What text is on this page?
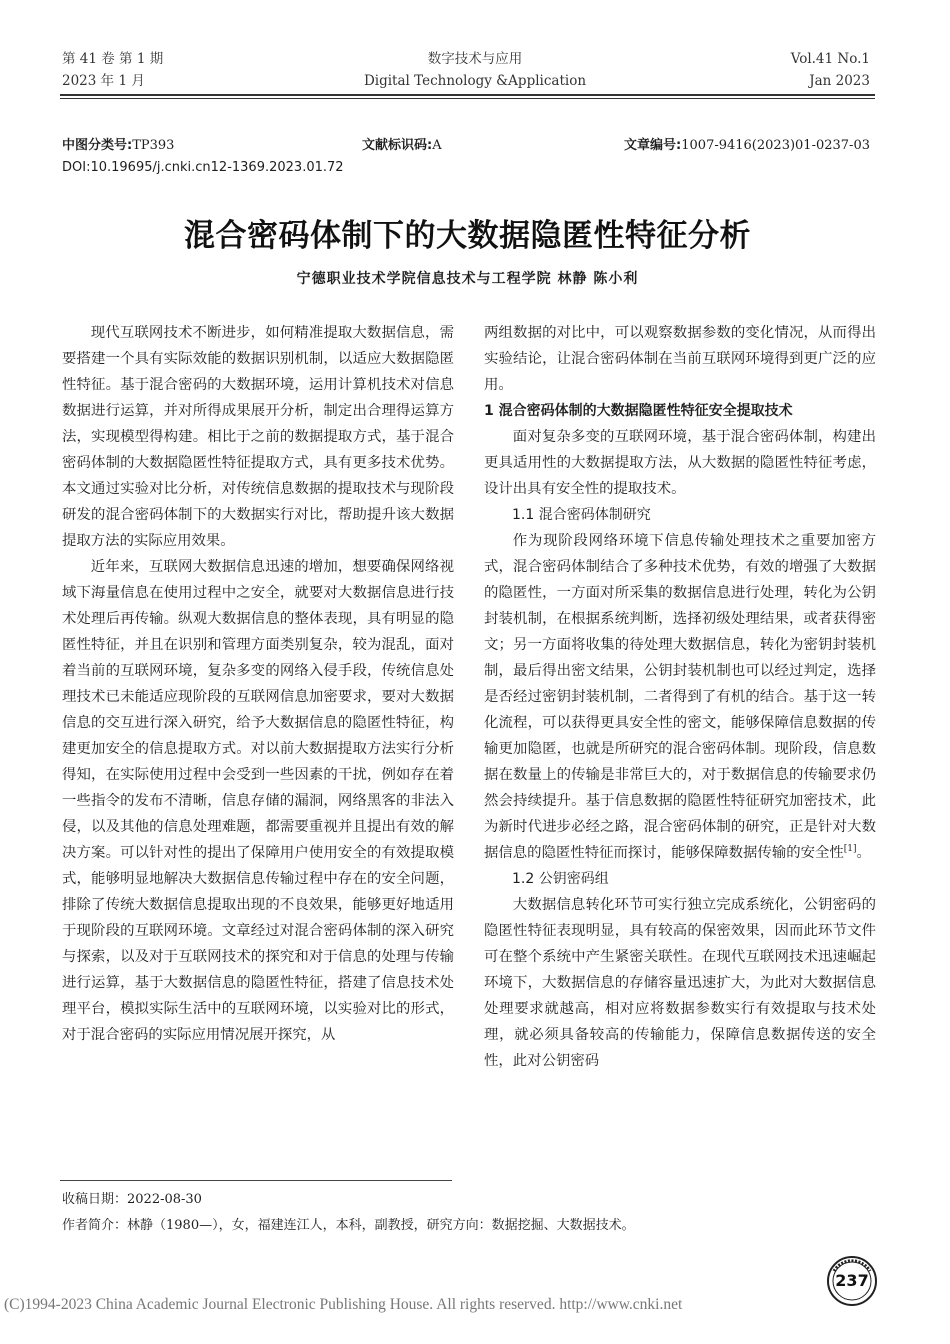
第 41 卷 第 1 期
2023 年 1 月
数字技术与应用
Digital Technology &Application
Vol.41 No.1
Jan 2023
中图分类号:TP393	文献标识码:A	文章编号:1007-9416(2023)01-0237-03
DOI:10.19695/j.cnki.cn12-1369.2023.01.72
混合密码体制下的大数据隐匿性特征分析
宁德职业技术学院信息技术与工程学院 林静 陈小利

现代互联网技术不断进步，如何精准提取大数据信息，需要搭建一个具有实际效能的数据识别机制，以适应大数据隐匿性特征。基于混合密码的大数据环境，运用计算机技术对信息数据进行运算，并对所得成果展开分析，制定出合理得运算方法，实现模型得构建。相比于之前的数据提取方式，基于混合密码体制的大数据隐匿性特征提取方式，具有更多技术优势。本文通过实验对比分析，对传统信息数据的提取技术与现阶段研发的混合密码体制下的大数据实行对比，帮助提升该大数据提取方法的实际应用效果。

近年来，互联网大数据信息迅速的增加，想要确保网络视域下海量信息在使用过程中之安全，就要对大数据信息进行技术处理后再传输。纵观大数据信息的整体表现，具有明显的隐匿性特征，并且在识别和管理方面类别复杂，较为混乱，面对着当前的互联网环境，复杂多变的网络入侵手段，传统信息处理技术已未能适应现阶段的互联网信息加密要求，要对大数据信息的交互进行深入研究，给予大数据信息的隐匿性特征，构建更加安全的信息提取方式。对以前大数据提取方法实行分析得知，在实际使用过程中会受到一些因素的干扰，例如存在着一些指令的发布不清晰，信息存储的漏洞，网络黑客的非法入侵，以及其他的信息处理难题，都需要重视并且提出有效的解决方案。可以针对性的提出了保障用户使用安全的有效提取模式，能够明显地解决大数据信息传输过程中存在的安全问题，排除了传统大数据信息提取出现的不良效果，能够更好地适用于现阶段的互联网环境。文章经过对混合密码体制的深入研究与探索，以及对于互联网技术的探究和对于信息的处理与传输进行运算，基于大数据信息的隐匿性特征，搭建了信息技术处理平台，模拟实际生活中的互联网环境，以实验对比的形式，对于混合密码的实际应用情况展开探究，从

两组数据的对比中，可以观察数据参数的变化情况，从而得出实验结论，让混合密码体制在当前互联网环境得到更广泛的应用。

1 混合密码体制的大数据隐匿性特征安全提取技术

面对复杂多变的互联网环境，基于混合密码体制，构建出更具适用性的大数据提取方法，从大数据的隐匿性特征考虑，设计出具有安全性的提取技术。

1.1 混合密码体制研究

作为现阶段网络环境下信息传输处理技术之重要加密方式，混合密码体制结合了多种技术优势，有效的增强了大数据的隐匿性，一方面对所采集的数据信息进行处理，转化为公钥封装机制，在根据系统判断，选择初级处理结果，或者获得密文；另一方面将收集的待处理大数据信息，转化为密钥封装机制，最后得出密文结果，公钥封装机制也可以经过判定，选择是否经过密钥封装机制，二者得到了有机的结合。基于这一转化流程，可以获得更具安全性的密文，能够保障信息数据的传输更加隐匿，也就是所研究的混合密码体制。现阶段，信息数据在数量上的传输是非常巨大的，对于数据信息的传输要求仍然会持续提升。基于信息数据的隐匿性特征研究加密技术，此为新时代进步必经之路，混合密码体制的研究，正是针对大数据信息的隐匿性特征而探讨，能够保障数据传输的安全性[1]。

1.2 公钥密码组

大数据信息转化环节可实行独立完成系统化，公钥密码的隐匿性特征表现明显，具有较高的保密效果，因而此环节文件可在整个系统中产生紧密关联性。在现代互联网技术迅速崛起环境下，大数据信息的存储容量迅速扩大，为此对大数据信息处理要求就越高，相对应将数据参数实行有效提取与技术处理，就必须具备较高的传输能力，保障信息数据传送的安全性，此对公钥密码

收稿日期：2022-08-30
作者简介：林静（1980—），女，福建连江人，本科，副教授，研究方向：数据挖掘、大数据技术。
237
(C)1994-2023 China Academic Journal Electronic Publishing House. All rights reserved. http://www.cnki.net
